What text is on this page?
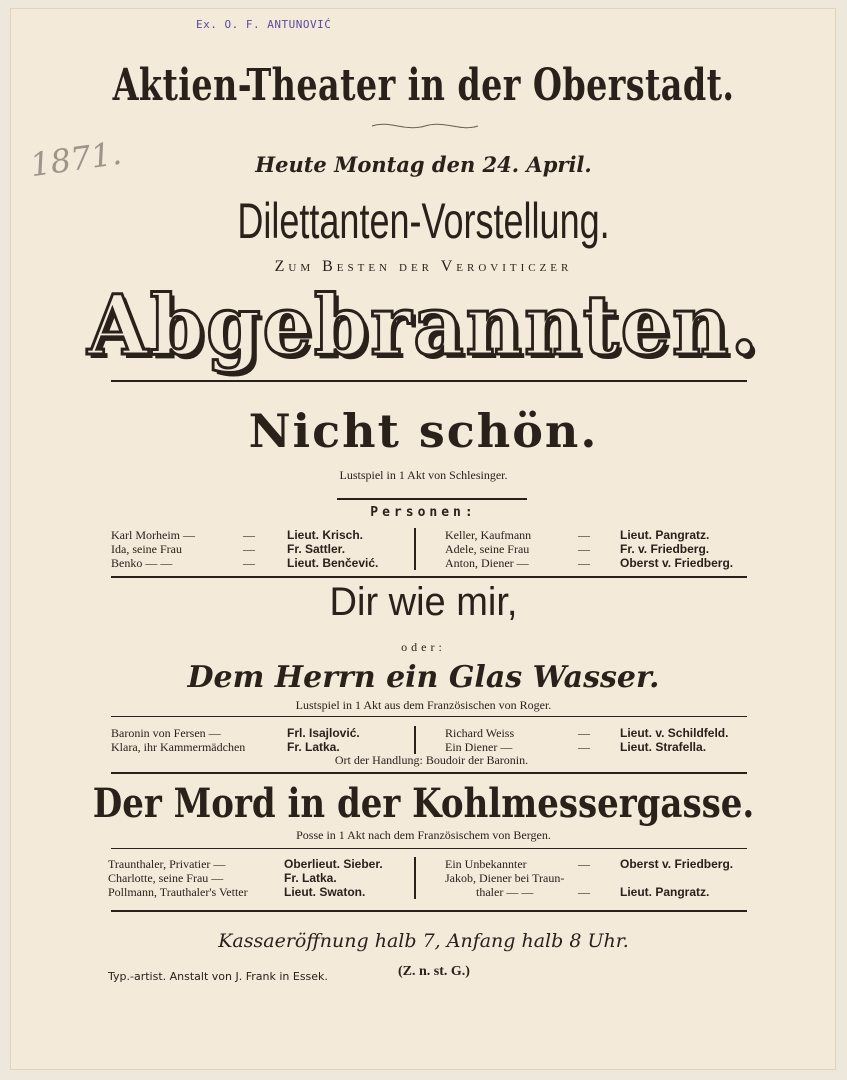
Ex. O. F. ANTUNOVIĆ
1871.
Aktien-Theater in der Oberstadt.
Heute Montag den 24. April.
Dilettanten-Vorstellung.
Zum Besten der Veroviticzer
Abgebrannten.
Nicht schön.
Lustspiel in 1 Akt von Schlesinger.
Personen:
Karl Morheim —	—	Lieut. Krisch.
Ida, seine Frau	—	Fr. Sattler.
Benko — —	—	Lieut. Benčević.
Keller, Kaufmann	—	Lieut. Pangratz.
Adele, seine Frau	—	Fr. v. Friedberg.
Anton, Diener —	—	Oberst v. Friedberg.
Dir wie mir,
oder:
Dem Herrn ein Glas Wasser.
Lustspiel in 1 Akt aus dem Französischen von Roger.
Baronin von Fersen —	Frl. Isajlović.
Klara, ihr Kammermädchen	Fr. Latka.
Richard Weiss	—	Lieut. v. Schildfeld.
Ein Diener —	—	Lieut. Strafella.
Ort der Handlung: Boudoir der Baronin.
Der Mord in der Kohlmessergasse.
Posse in 1 Akt nach dem Französischem von Bergen.
Traunthaler, Privatier —	Oberlieut. Sieber.
Charlotte, seine Frau —	Fr. Latka.
Pollmann, Trauthaler's Vetter	Lieut. Swaton.
Ein Unbekannter	—	Oberst v. Friedberg.
Jakob, Diener bei Traun-
thaler — —	—	Lieut. Pangratz.
Kassaeröffnung halb 7, Anfang halb 8 Uhr.
Typ.-artist. Anstalt von J. Frank in Essek.	(Z. n. st. G.)
